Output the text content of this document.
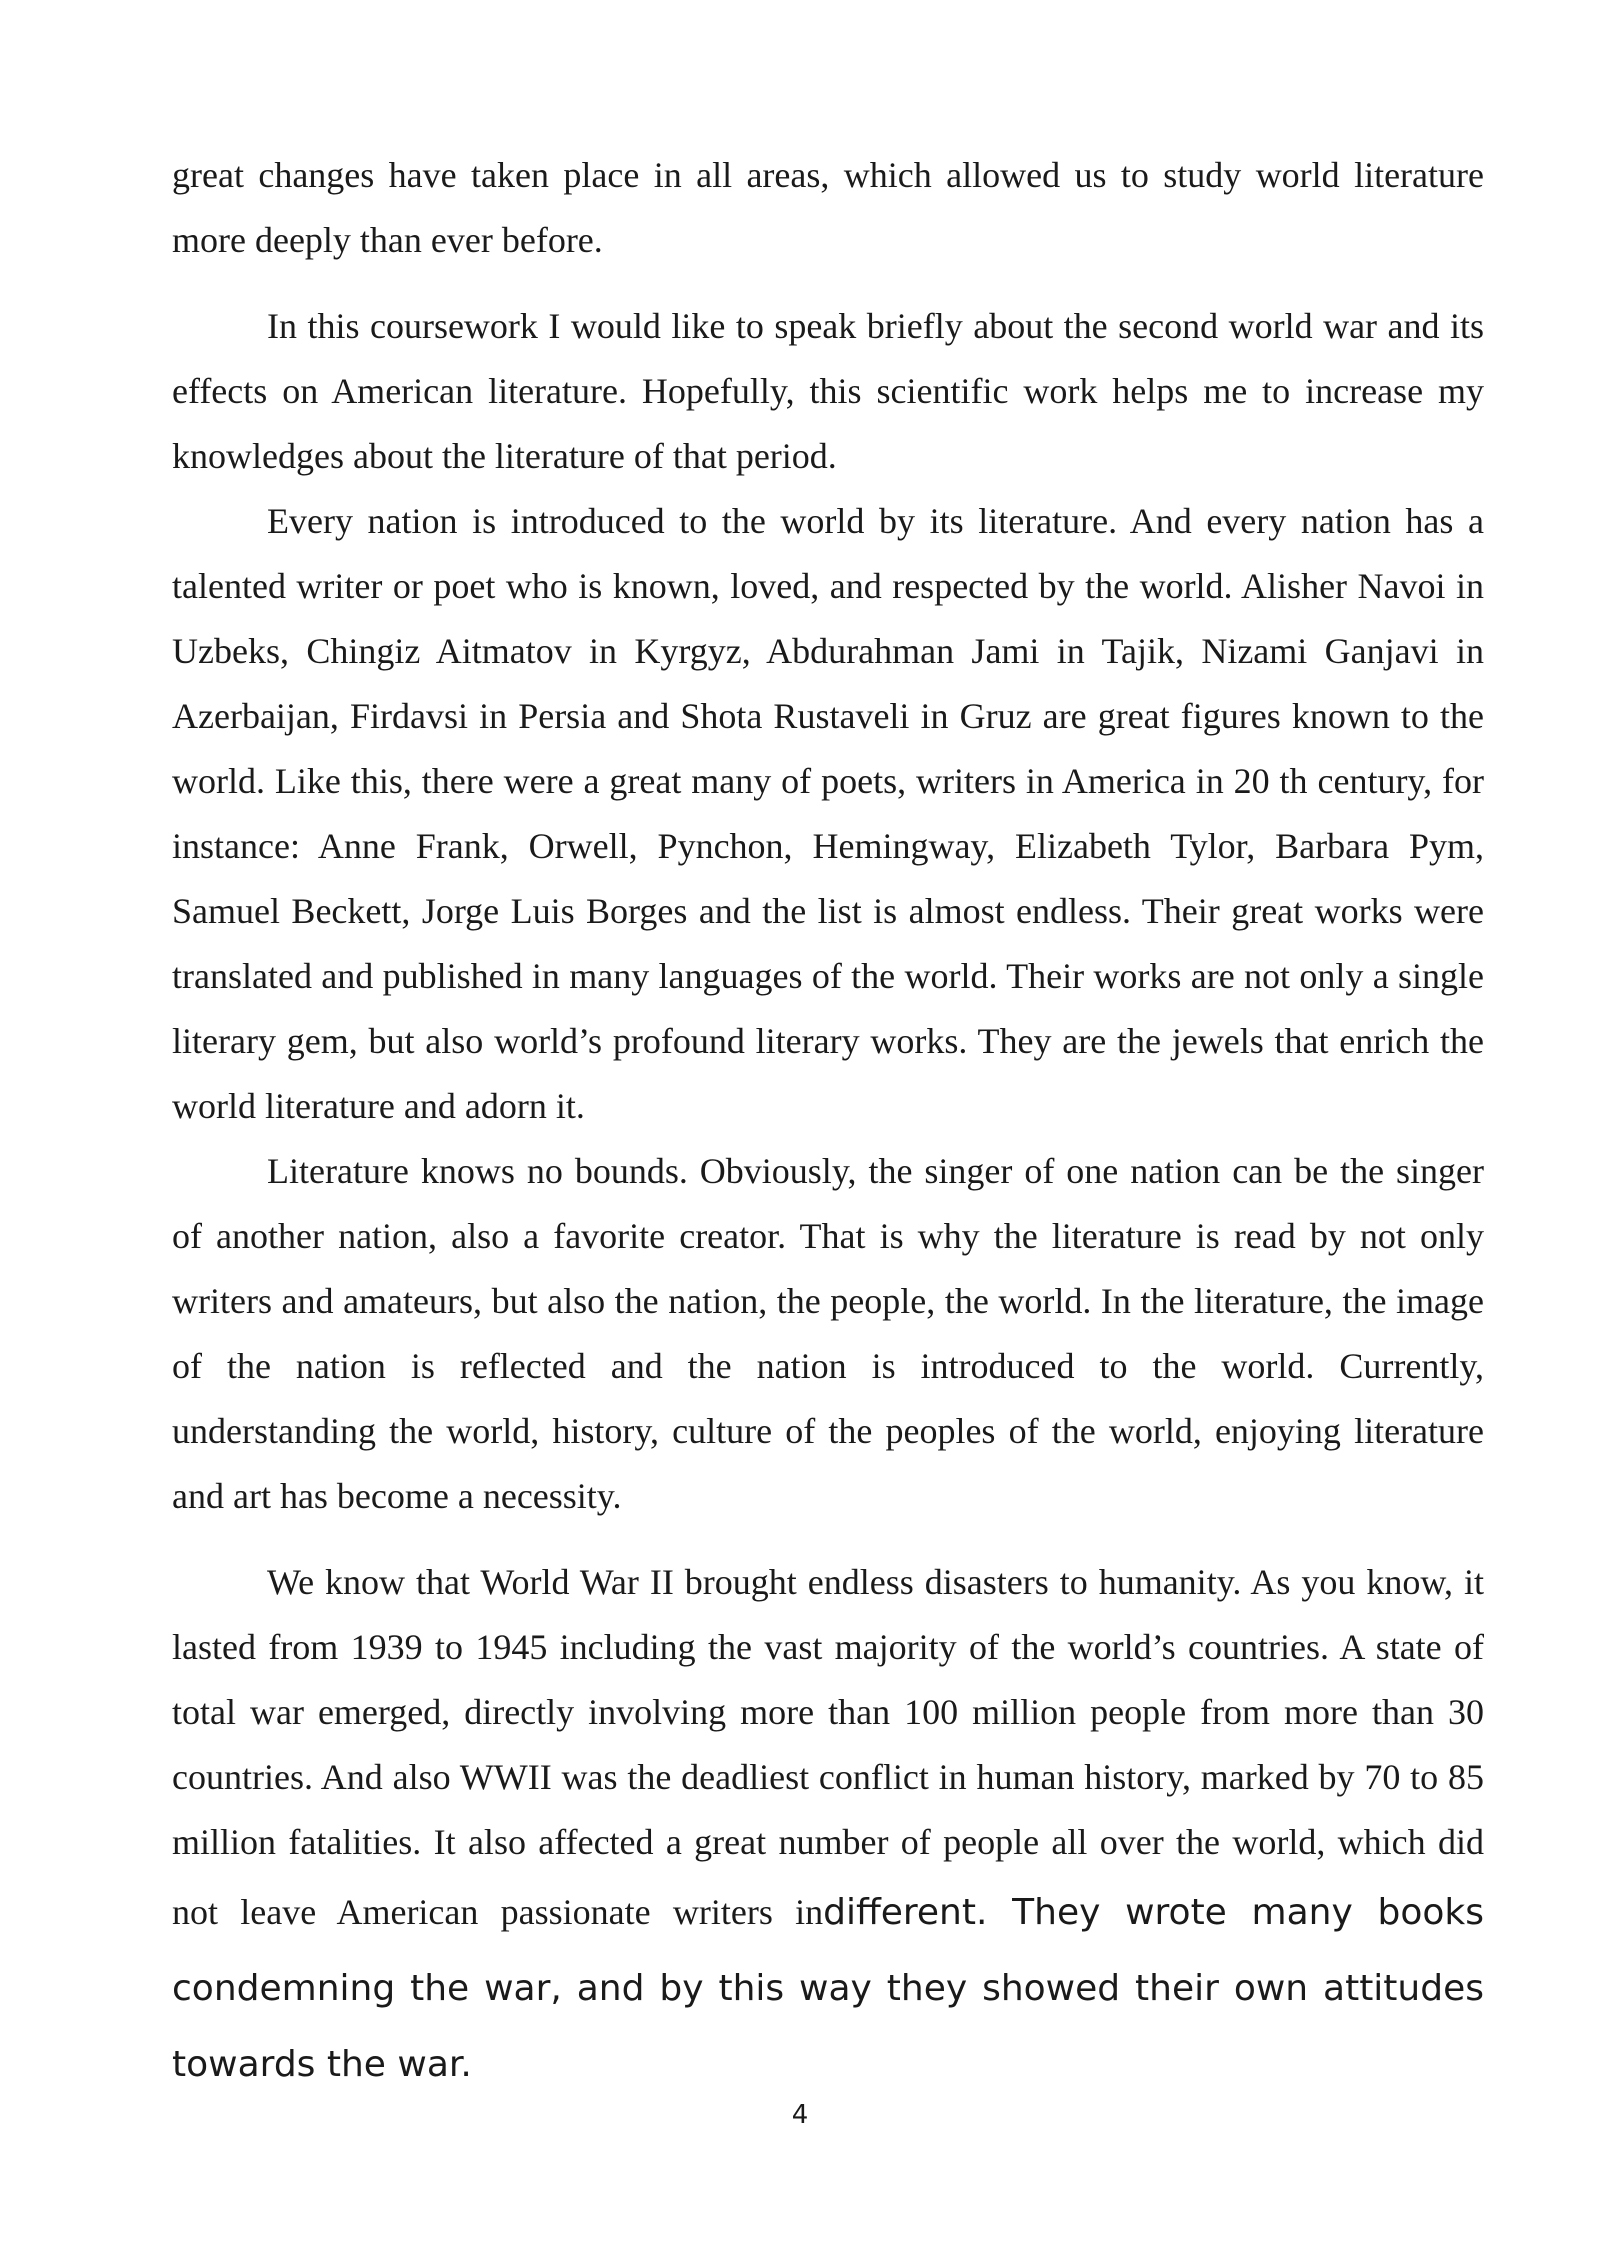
great changes have taken place in all areas, which allowed us to study world literature more deeply than ever before.

In this coursework I would like to speak briefly about the second world war and its effects on American literature. Hopefully, this scientific work helps me to increase my knowledges about the literature of that period.

Every nation is introduced to the world by its literature. And every nation has a talented writer or poet who is known, loved, and respected by the world. Alisher Navoi in Uzbeks, Chingiz Aitmatov in Kyrgyz, Abdurahman Jami in Tajik, Nizami Ganjavi in Azerbaijan, Firdavsi in Persia and Shota Rustaveli in Gruz are great figures known to the world. Like this, there were a great many of poets, writers in America in 20 th century, for instance: Anne Frank, Orwell, Pynchon, Hemingway, Elizabeth Tylor, Barbara Pym, Samuel Beckett, Jorge Luis Borges and the list is almost endless. Their great works were translated and published in many languages of the world. Their works are not only a single literary gem, but also world’s profound literary works. They are the jewels that enrich the world literature and adorn it.

Literature knows no bounds. Obviously, the singer of one nation can be the singer of another nation, also a favorite creator. That is why the literature is read by not only writers and amateurs, but also the nation, the people, the world. In the literature, the image of the nation is reflected and the nation is introduced to the world. Currently, understanding the world, history, culture of the peoples of the world, enjoying literature and art has become a necessity.

We know that World War II brought endless disasters to humanity. As you know, it lasted from 1939 to 1945 including the vast majority of the world’s countries. A state of total war emerged, directly involving more than 100 million people from more than 30 countries. And also WWII was the deadliest conflict in human history, marked by 70 to 85 million fatalities. It also affected a great number of people all over the world, which did not leave American passionate writers indifferent. They wrote many books condemning the war, and by this way they showed their own attitudes towards the war.

4
